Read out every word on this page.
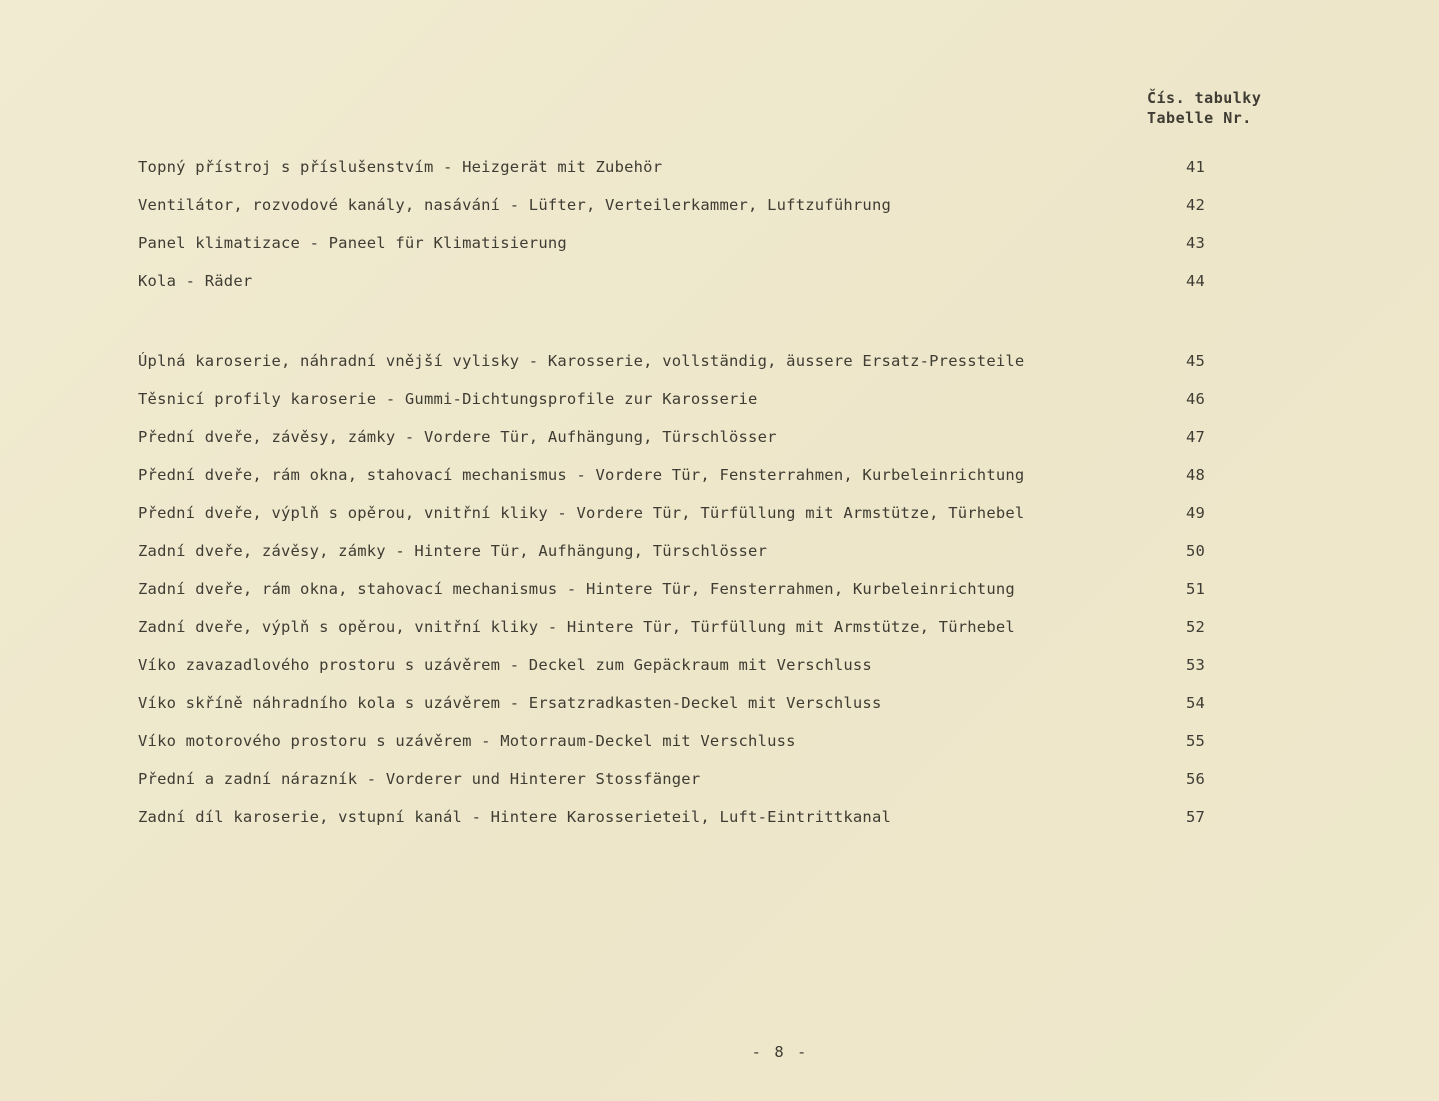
Čís. tabulky
Tabelle Nr.
Topný přístroj s příslušenstvím - Heizgerät mit Zubehör	41
Ventilátor, rozvodové kanály, nasávání - Lüfter, Verteilerkammer, Luftzuführung	42
Panel klimatizace - Paneel für Klimatisierung	43
Kola - Räder	44
Úplná karoserie, náhradní vnější vylisky - Karosserie, vollständig, äussere Ersatz-Pressteile	45
Těsnicí profily karoserie - Gummi-Dichtungsprofile zur Karosserie	46
Přední dveře, závěsy, zámky - Vordere Tür, Aufhängung, Türschlösser	47
Přední dveře, rám okna, stahovací mechanismus - Vordere Tür, Fensterrahmen, Kurbeleinrichtung	48
Přední dveře, výplň s opěrou, vnitřní kliky - Vordere Tür, Türfüllung mit Armstütze, Türhebel	49
Zadní dveře, závěsy, zámky - Hintere Tür, Aufhängung, Türschlösser	50
Zadní dveře, rám okna, stahovací mechanismus - Hintere Tür, Fensterrahmen, Kurbeleinrichtung	51
Zadní dveře, výplň s opěrou, vnitřní kliky - Hintere Tür, Türfüllung mit Armstütze, Türhebel	52
Víko zavazadlového prostoru s uzávěrem - Deckel zum Gepäckraum mit Verschluss	53
Víko skříně náhradního kola s uzávěrem - Ersatzradkasten-Deckel mit Verschluss	54
Víko motorového prostoru s uzávěrem - Motorraum-Deckel mit Verschluss	55
Přední a zadní nárazník - Vorderer und Hinterer Stossfänger	56
Zadní díl karoserie, vstupní kanál - Hintere Karosserieteil, Luft-Eintrittkanal	57
- 8 -
